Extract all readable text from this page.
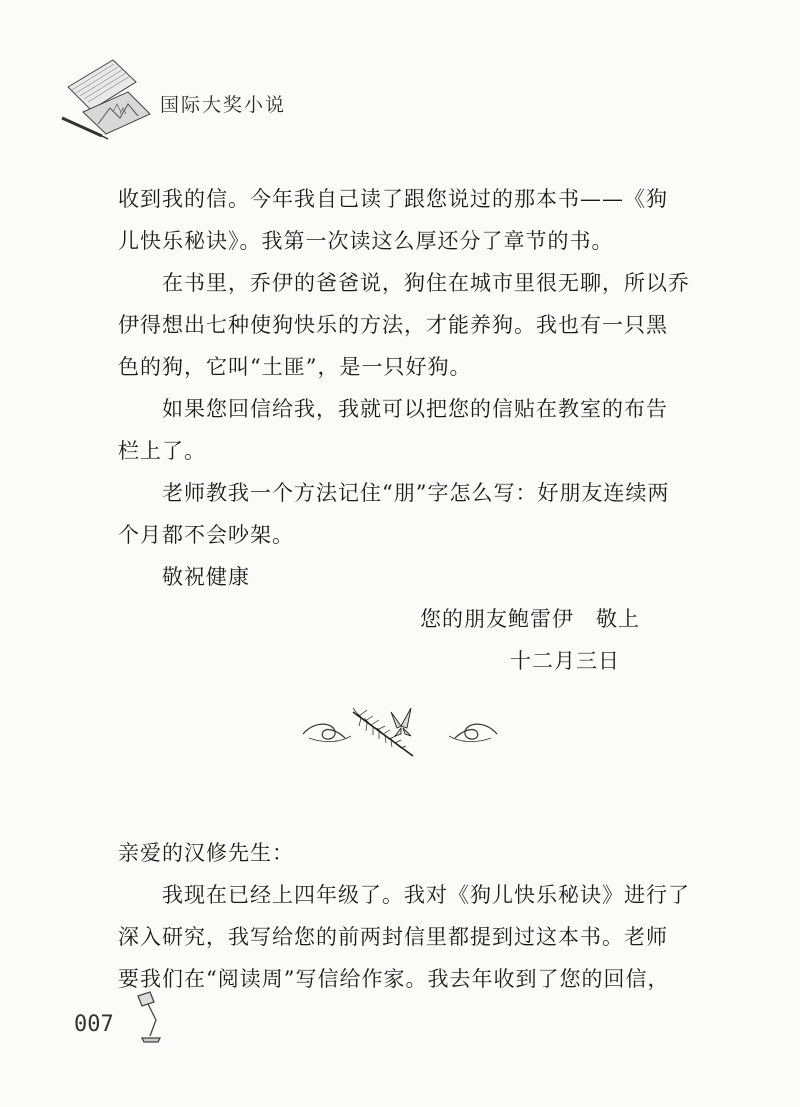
国际大奖小说
收到我的信。今年我自己读了跟您说过的那本书——《狗
儿快乐秘诀》。我第一次读这么厚还分了章节的书。
在书里，乔伊的爸爸说，狗住在城市里很无聊，所以乔
伊得想出七种使狗快乐的方法，才能养狗。我也有一只黑
色的狗，它叫“土匪”，是一只好狗。
如果您回信给我，我就可以把您的信贴在教室的布告
栏上了。
老师教我一个方法记住“朋”字怎么写：好朋友连续两
个月都不会吵架。
敬祝健康
您的朋友鲍雷伊　敬上
十二月三日
亲爱的汉修先生：
我现在已经上四年级了。我对《狗儿快乐秘诀》进行了
深入研究，我写给您的前两封信里都提到过这本书。老师
要我们在“阅读周”写信给作家。我去年收到了您的回信，
007
